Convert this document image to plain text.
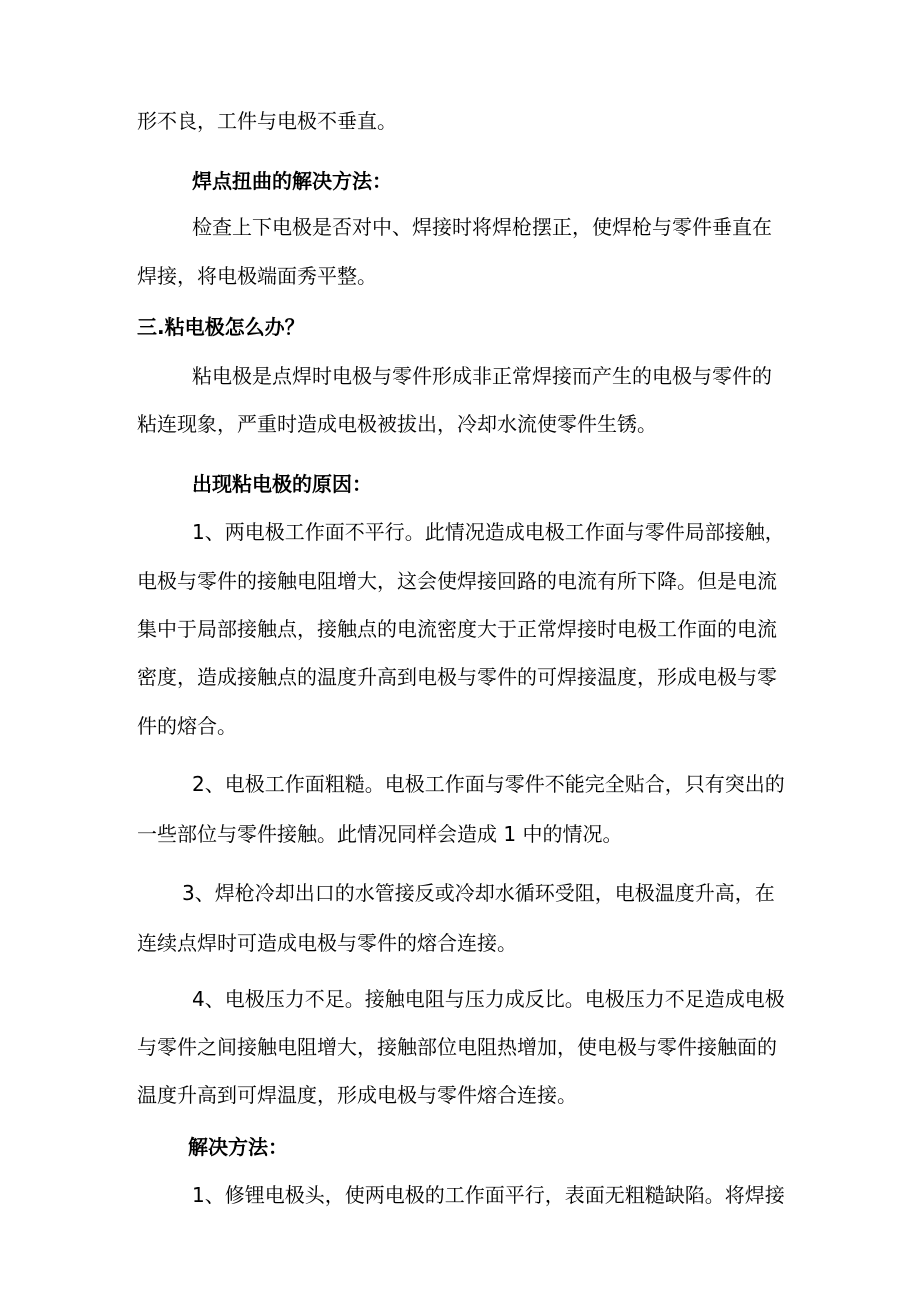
形不良，工件与电极不垂直。

焊点扭曲的解决方法：

检查上下电极是否对中、焊接时将焊枪摆正，使焊枪与零件垂直在

焊接，将电极端面秀平整。

三.粘电极怎么办？

粘电极是点焊时电极与零件形成非正常焊接而产生的电极与零件的

粘连现象，严重时造成电极被拔出，冷却水流使零件生锈。

出现粘电极的原因：

1、两电极工作面不平行。此情况造成电极工作面与零件局部接触，

电极与零件的接触电阻增大，这会使焊接回路的电流有所下降。但是电流

集中于局部接触点，接触点的电流密度大于正常焊接时电极工作面的电流

密度，造成接触点的温度升高到电极与零件的可焊接温度，形成电极与零

件的熔合。

2、电极工作面粗糙。电极工作面与零件不能完全贴合，只有突出的

一些部位与零件接触。此情况同样会造成 1 中的情况。

3、焊枪冷却出口的水管接反或冷却水循环受阻，电极温度升高，在

连续点焊时可造成电极与零件的熔合连接。

4、电极压力不足。接触电阻与压力成反比。电极压力不足造成电极

与零件之间接触电阻增大，接触部位电阻热增加，使电极与零件接触面的

温度升高到可焊温度，形成电极与零件熔合连接。

解决方法：

1、修锂电极头，使两电极的工作面平行，表面无粗糙缺陷。将焊接
